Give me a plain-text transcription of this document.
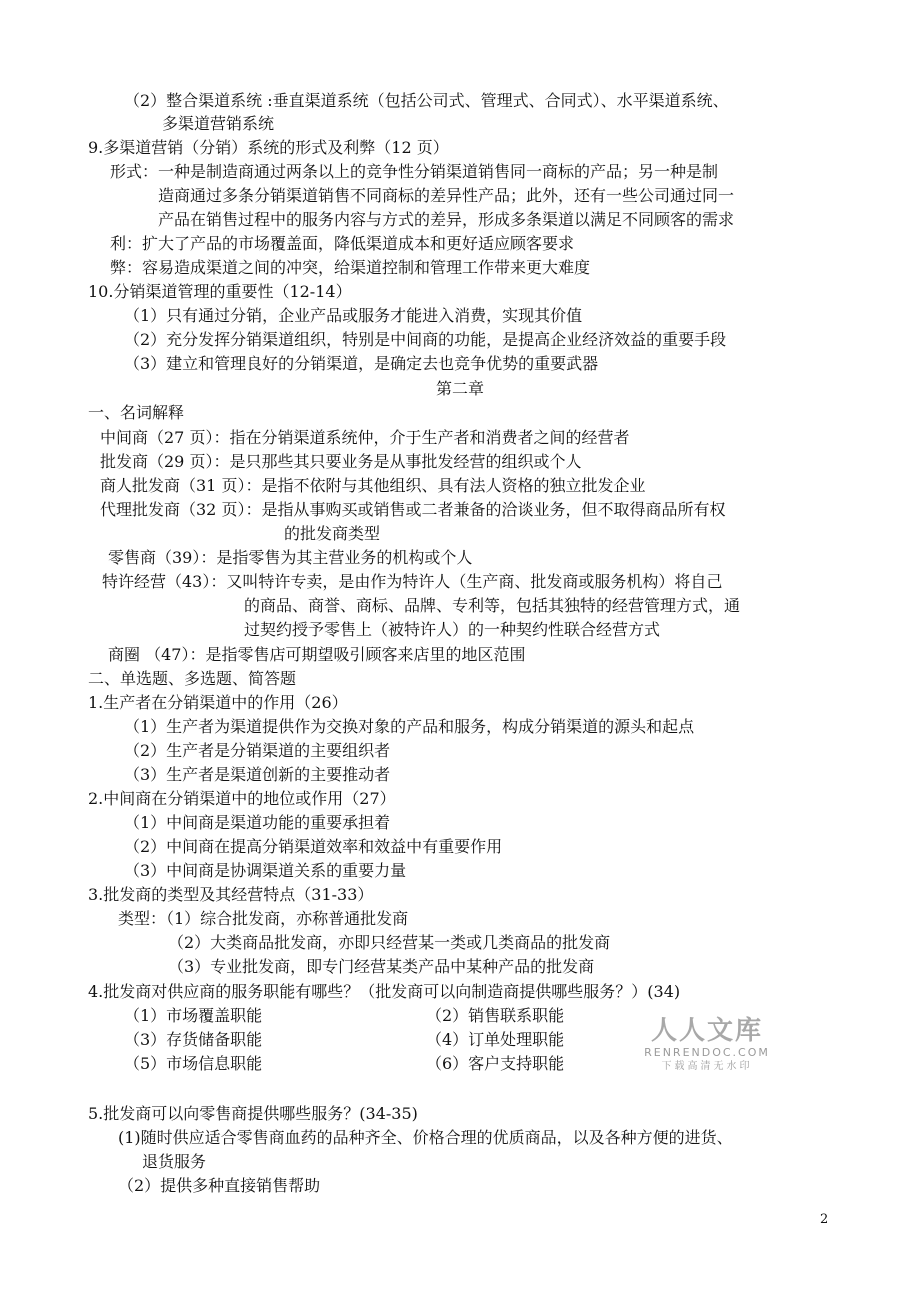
（2）整合渠道系统 :垂直渠道系统（包括公司式、管理式、合同式）、水平渠道系统、
多渠道营销系统
9.多渠道营销（分销）系统的形式及利弊（12 页）
形式：一种是制造商通过两条以上的竞争性分销渠道销售同一商标的产品；另一种是制
造商通过多条分销渠道销售不同商标的差异性产品；此外，还有一些公司通过同一
产品在销售过程中的服务内容与方式的差异，形成多条渠道以满足不同顾客的需求
利：扩大了产品的市场覆盖面，降低渠道成本和更好适应顾客要求
弊：容易造成渠道之间的冲突，给渠道控制和管理工作带来更大难度
10.分销渠道管理的重要性（12-14）
（1）只有通过分销，企业产品或服务才能进入消费，实现其价值
（2）充分发挥分销渠道组织，特别是中间商的功能，是提高企业经济效益的重要手段
（3）建立和管理良好的分销渠道，是确定去也竞争优势的重要武器
第二章
一、名词解释
中间商（27 页）：指在分销渠道系统仲，介于生产者和消费者之间的经营者
批发商（29 页）：是只那些其只要业务是从事批发经营的组织或个人
商人批发商（31 页）：是指不依附与其他组织、具有法人资格的独立批发企业
代理批发商（32 页）：是指从事购买或销售或二者兼备的洽谈业务，但不取得商品所有权
的批发商类型
零售商（39）：是指零售为其主营业务的机构或个人
特许经营（43）：又叫特许专卖，是由作为特许人（生产商、批发商或服务机构）将自己
的商品、商誉、商标、品牌、专利等，包括其独特的经营管理方式，通
过契约授予零售上（被特许人）的一种契约性联合经营方式
商圈 （47）：是指零售店可期望吸引顾客来店里的地区范围
二、单选题、多选题、简答题
1.生产者在分销渠道中的作用（26）
（1）生产者为渠道提供作为交换对象的产品和服务，构成分销渠道的源头和起点
（2）生产者是分销渠道的主要组织者
（3）生产者是渠道创新的主要推动者
2.中间商在分销渠道中的地位或作用（27）
（1）中间商是渠道功能的重要承担着
（2）中间商在提高分销渠道效率和效益中有重要作用
（3）中间商是协调渠道关系的重要力量
3.批发商的类型及其经营特点（31-33）
类型：（1）综合批发商，亦称普通批发商
（2）大类商品批发商，亦即只经营某一类或几类商品的批发商
（3）专业批发商，即专门经营某类产品中某种产品的批发商
4.批发商对供应商的服务职能有哪些？（批发商可以向制造商提供哪些服务？）(34)
（1）市场覆盖职能	（2）销售联系职能
（3）存货储备职能	（4）订单处理职能
（5）市场信息职能	（6）客户支持职能
5.批发商可以向零售商提供哪些服务？(34-35)
(1)随时供应适合零售商血药的品种齐全、价格合理的优质商品，以及各种方便的进货、
退货服务
（2）提供多种直接销售帮助
人人文库
RENRENDOC.COM
下载高清无水印
2
